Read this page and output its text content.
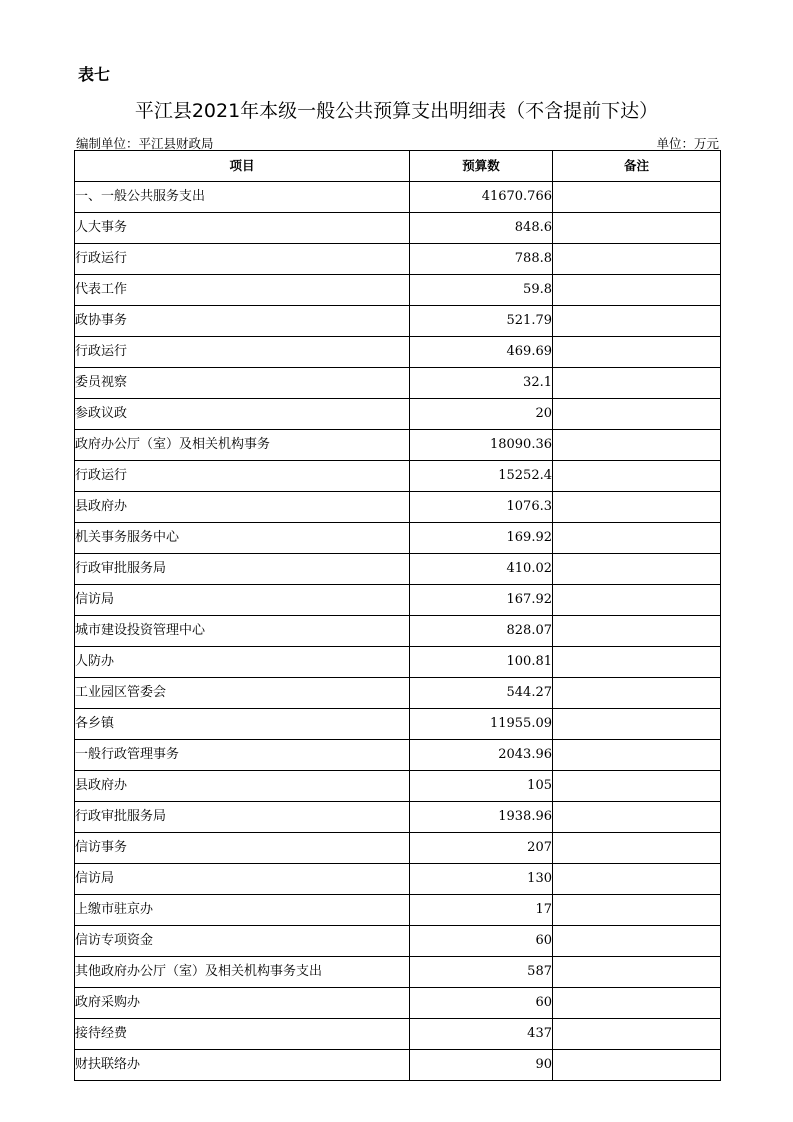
表七
平江县2021年本级一般公共预算支出明细表（不含提前下达）
编制单位：平江县财政局	单位：万元
项目	预算数	备注
一、一般公共服务支出	41670.766	
人大事务	848.6	
行政运行	788.8	
代表工作	59.8	
政协事务	521.79	
行政运行	469.69	
委员视察	32.1	
参政议政	20	
政府办公厅（室）及相关机构事务	18090.36	
行政运行	15252.4	
县政府办	1076.3	
机关事务服务中心	169.92	
行政审批服务局	410.02	
信访局	167.92	
城市建设投资管理中心	828.07	
人防办	100.81	
工业园区管委会	544.27	
各乡镇	11955.09	
一般行政管理事务	2043.96	
县政府办	105	
行政审批服务局	1938.96	
信访事务	207	
信访局	130	
上缴市驻京办	17	
信访专项资金	60	
其他政府办公厅（室）及相关机构事务支出	587	
政府采购办	60	
接待经费	437	
财扶联络办	90	
